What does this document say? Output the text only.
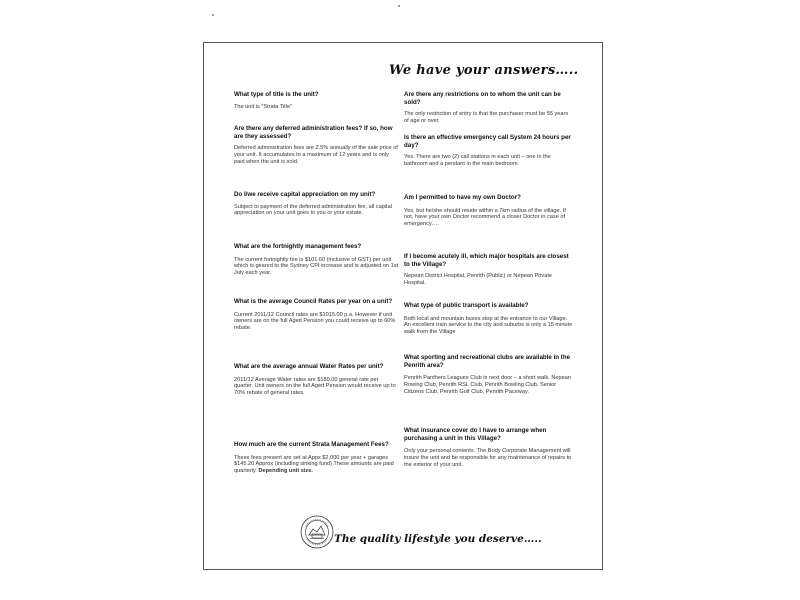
We have your answers…..

What type of title is the unit?

The unit is "Strata Title"

Are there any deferred administration fees? If so, how are they assessed?

Deferred administration fees are 2.5% annually of the sale price of your unit. It accumulates to a maximum of 12 years and is only paid when the unit is sold.

Do I/we receive capital appreciation on my unit?

Subject to payment of the deferred administration fee, all capital appreciation on your unit goes to you or your estate.

What are the fortnightly management fees?

The current fortnightly fee is $101.60 (inclusive of GST) per unit which is geared to the Sydney CPI increase and is adjusted on 1st July each year.

What is the average Council Rates per year on a unit?

Current 2011/12 Council rates are $1015.00 p.a. However if unit owners are on the full Aged Pension you could receive up to 60% rebate.

What are the average annual Water Rates per unit?

2011/12 Average Water rates are $180.00 general rate per quarter. Unit owners on the full Aged Pension would receive up to 70% rebate of general rates.

How much are the current Strata Management Fees?

These fees present are set at Appx $2,000 per year + garages $145.20 Approx (including sinking fund) These amounts are paid quarterly. Depending unit size.

Are there any restrictions on to whom the unit can be sold?

The only restriction of entry is that the purchaser must be 55 years of age or over.

Is there an effective emergency call System 24 hours per day?

Yes. There are two (2) call stations in each unit – one in the bathroom and a pendant in the main bedroom.

Am I permitted to have my own Doctor?

Yes, but he/she should reside within a 7km radius of the village. If not, have your own Doctor recommend a closer Doctor in case of emergency….

If I become acutely ill, which major hospitals are closest to the Village?

Nepean District Hospital, Penrith (Public) or Nepean Private Hospital.

What type of public transport is available?

Both local and mountain buses stop at the entrance to our Village. An excellent train service to the city and suburbs is only a 15 minute walk from the Village

What sporting and recreational clubs are available in the Penrith area?

Penrith Panthers Leagues Club is next door – a short walk. Nepean Rowing Club, Penrith RSL Club, Penrith Bowling Club, Senior Citizens Club, Penrith Golf Club, Penrith Paceway.

What insurance cover do I have to arrange when purchasing a unit in this Village?

Only your personal contents. The Body Corporate Management will insure the unit and be responsible for any maintenance of repairs to the exterior of your unit.

The quality lifestyle you deserve…..
